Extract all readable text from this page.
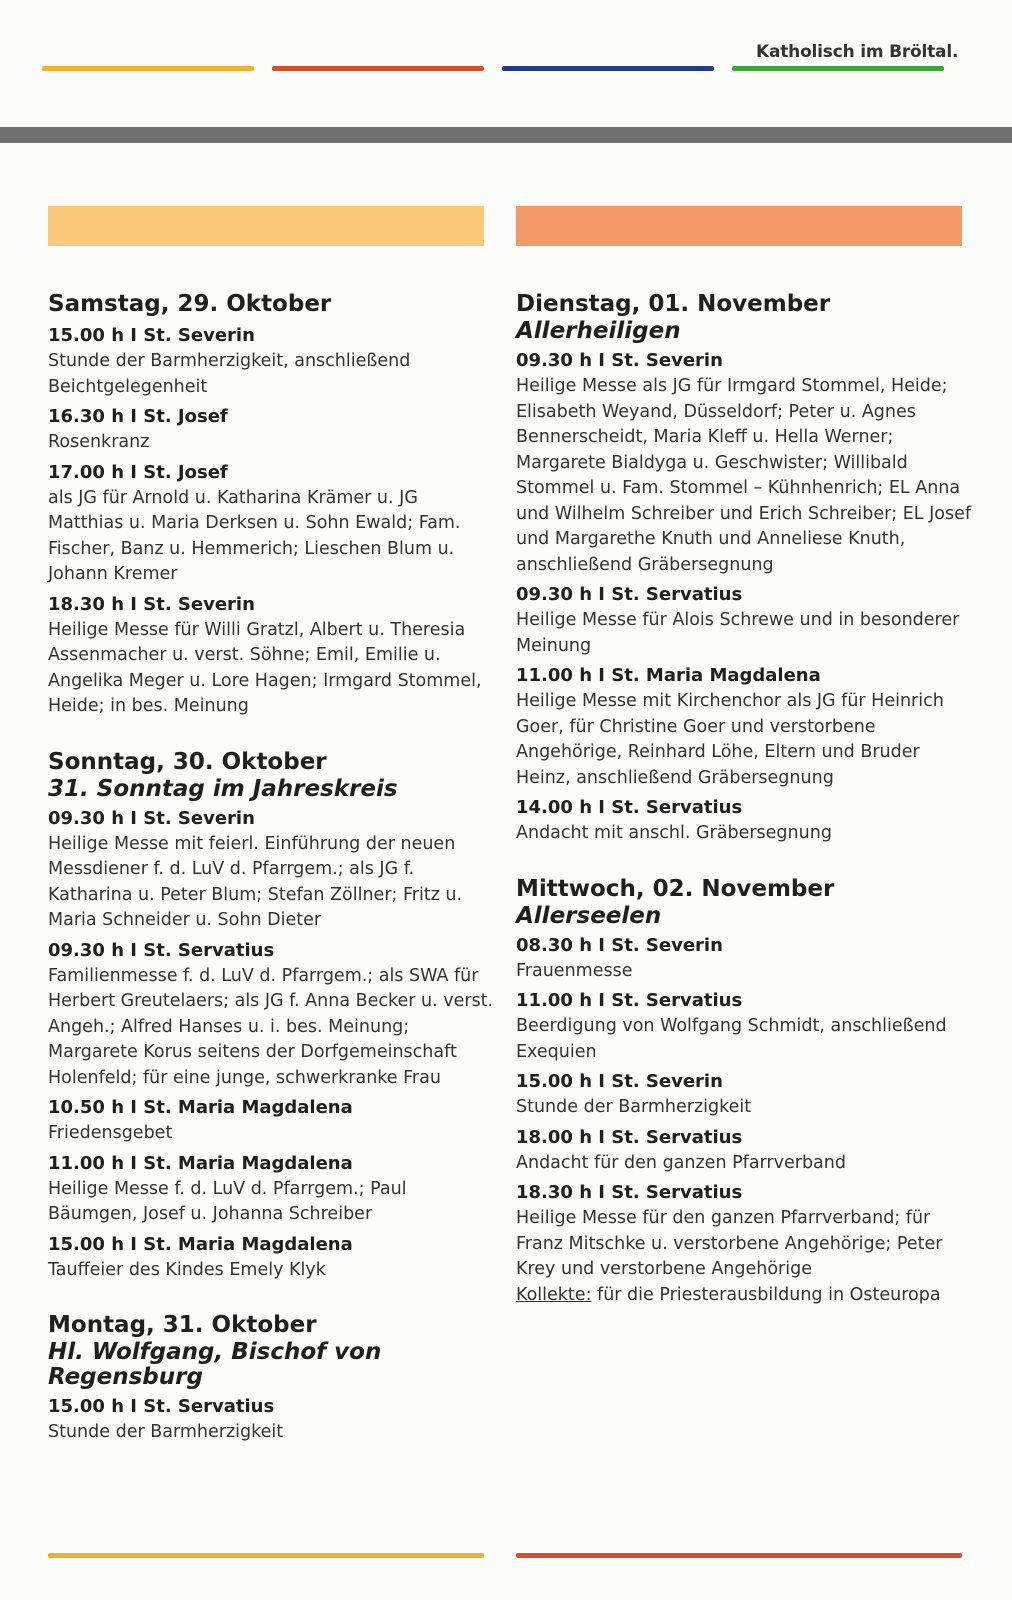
Katholisch im Bröltal.
Samstag, 29. Oktober
15.00 h I St. Severin
Stunde der Barmherzigkeit, anschließend Beichtgelegenheit
16.30 h I St. Josef
Rosenkranz
17.00 h I St. Josef
als JG für Arnold u. Katharina Krämer u. JG Matthias u. Maria Derksen u. Sohn Ewald; Fam. Fischer, Banz u. Hemmerich; Lieschen Blum u. Johann Kremer
18.30 h I St. Severin
Heilige Messe für Willi Gratzl, Albert u. Theresia Assenmacher u. verst. Söhne; Emil, Emilie u. Angelika Meger u. Lore Hagen; Irmgard Stommel, Heide; in bes. Meinung
Sonntag, 30. Oktober
31. Sonntag im Jahreskreis
09.30 h I St. Severin
Heilige Messe mit feierl. Einführung der neuen Messdiener f. d. LuV d. Pfarrgem.; als JG f. Katharina u. Peter Blum; Stefan Zöllner; Fritz u. Maria Schneider u. Sohn Dieter
09.30 h I St. Servatius
Familienmesse f. d. LuV d. Pfarrgem.; als SWA für Herbert Greutelaers; als JG f. Anna Becker u. verst. Angeh.; Alfred Hanses u. i. bes. Meinung; Margarete Korus seitens der Dorfgemeinschaft Holenfeld; für eine junge, schwerkranke Frau
10.50 h I St. Maria Magdalena
Friedensgebet
11.00 h I St. Maria Magdalena
Heilige Messe f. d. LuV d. Pfarrgem.; Paul Bäumgen, Josef u. Johanna Schreiber
15.00 h I St. Maria Magdalena
Tauffeier des Kindes Emely Klyk
Montag, 31. Oktober
Hl. Wolfgang, Bischof von Regensburg
15.00 h I St. Servatius
Stunde der Barmherzigkeit
Dienstag, 01. November
Allerheiligen
09.30 h I St. Severin
Heilige Messe als JG für Irmgard Stommel, Heide; Elisabeth Weyand, Düsseldorf; Peter u. Agnes Bennerscheidt, Maria Kleff u. Hella Werner; Margarete Bialdyga u. Geschwister; Willibald Stommel u. Fam. Stommel – Kühnhenrich; EL Anna und Wilhelm Schreiber und Erich Schreiber; EL Josef und Margarethe Knuth und Anneliese Knuth, anschließend Gräbersegnung
09.30 h I St. Servatius
Heilige Messe für Alois Schrewe und in besonderer Meinung
11.00 h I St. Maria Magdalena
Heilige Messe mit Kirchenchor als JG für Heinrich Goer, für Christine Goer und verstorbene Angehörige, Reinhard Löhe, Eltern und Bruder Heinz, anschließend Gräbersegnung
14.00 h I St. Servatius
Andacht mit anschl. Gräbersegnung
Mittwoch, 02. November
Allerseelen
08.30 h I St. Severin
Frauenmesse
11.00 h I St. Servatius
Beerdigung von Wolfgang Schmidt, anschließend Exequien
15.00 h I St. Severin
Stunde der Barmherzigkeit
18.00 h I St. Servatius
Andacht für den ganzen Pfarrverband
18.30 h I St. Servatius
Heilige Messe für den ganzen Pfarrverband; für Franz Mitschke u. verstorbene Angehörige; Peter Krey und verstorbene Angehörige
Kollekte: für die Priesterausbildung in Osteuropa
